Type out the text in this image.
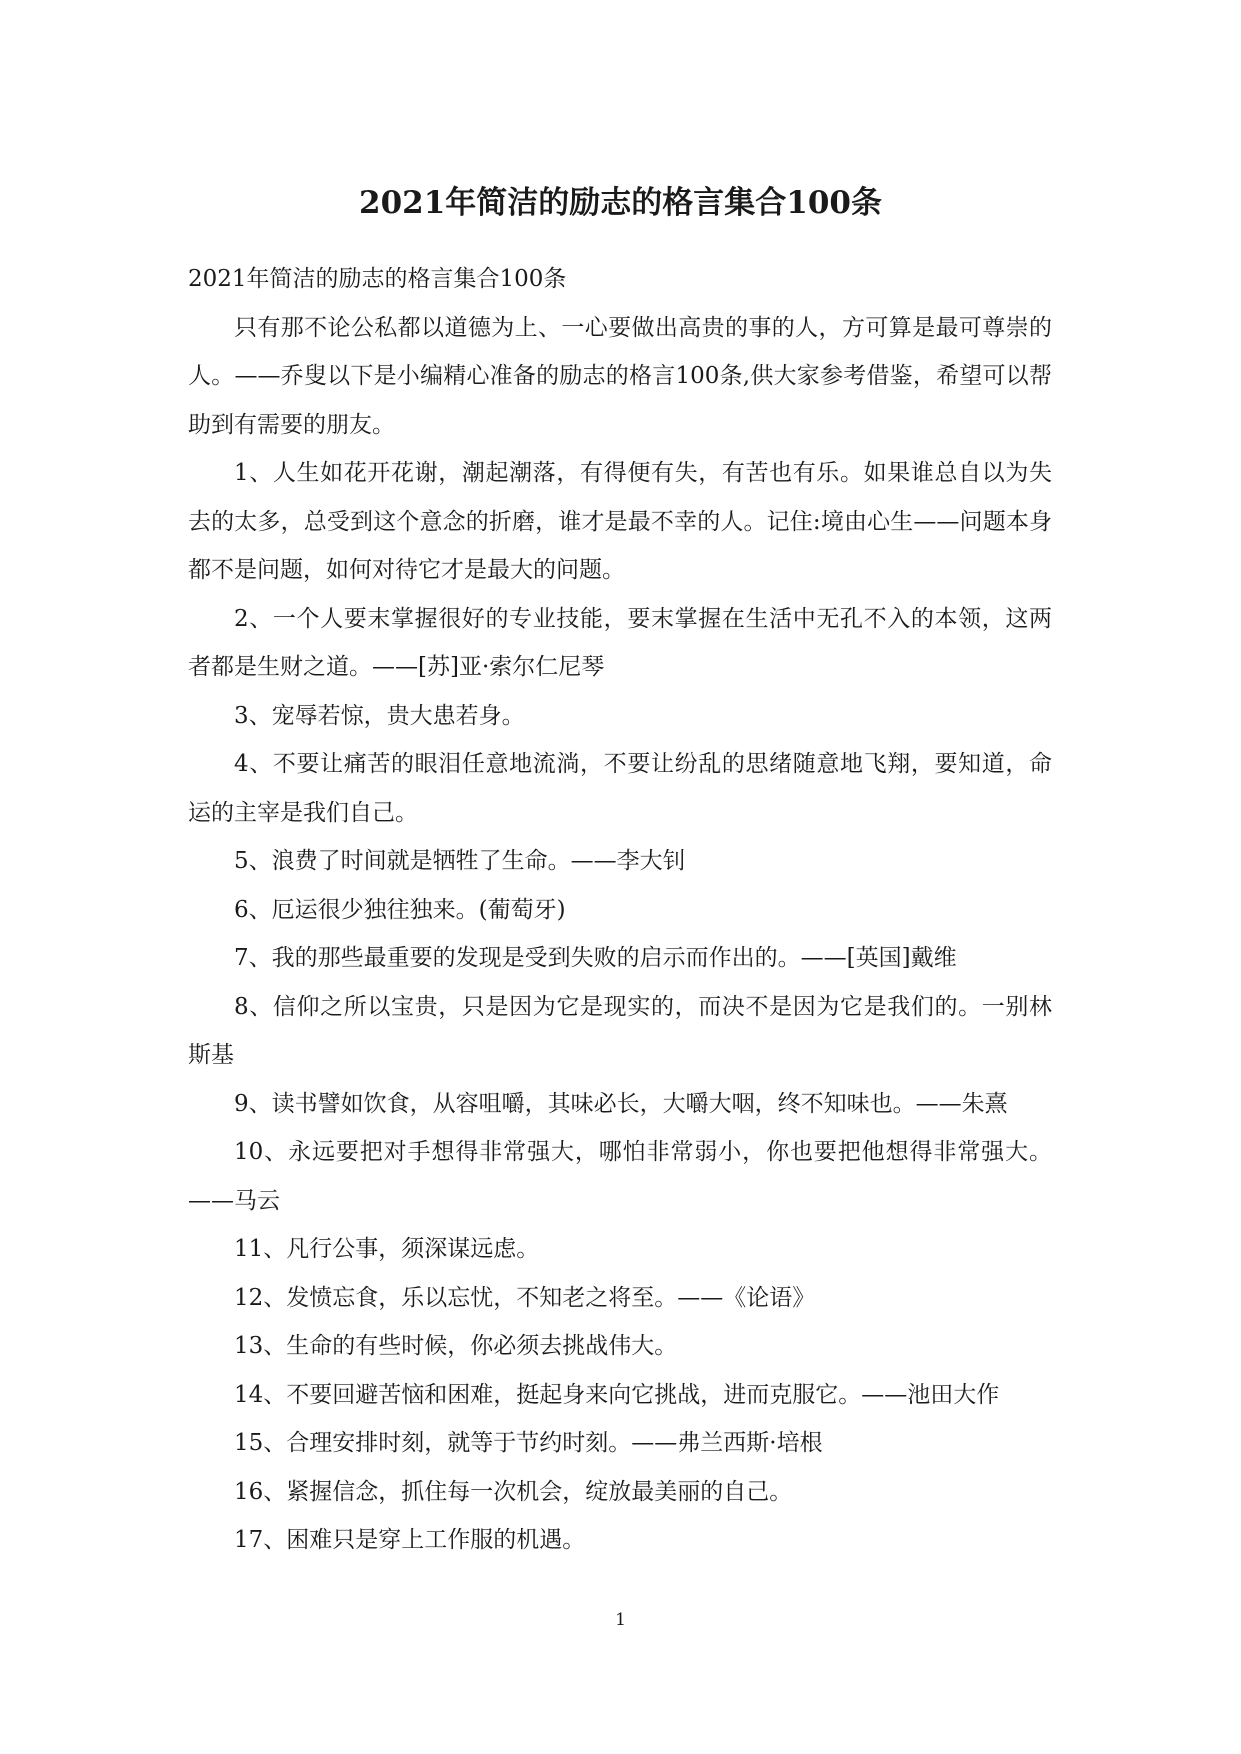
2021年简洁的励志的格言集合100条

2021年简洁的励志的格言集合100条

只有那不论公私都以道德为上、一心要做出高贵的事的人，方可算是最可尊崇的人。——乔叟以下是小编精心准备的励志的格言100条,供大家参考借鉴，希望可以帮助到有需要的朋友。

1、人生如花开花谢，潮起潮落，有得便有失，有苦也有乐。如果谁总自以为失去的太多，总受到这个意念的折磨，谁才是最不幸的人。记住:境由心生——问题本身都不是问题，如何对待它才是最大的问题。

2、一个人要末掌握很好的专业技能，要末掌握在生活中无孔不入的本领，这两者都是生财之道。——[苏]亚·索尔仁尼琴

3、宠辱若惊，贵大患若身。

4、不要让痛苦的眼泪任意地流淌，不要让纷乱的思绪随意地飞翔，要知道，命运的主宰是我们自己。

5、浪费了时间就是牺牲了生命。——李大钊

6、厄运很少独往独来。(葡萄牙)

7、我的那些最重要的发现是受到失败的启示而作出的。——[英国]戴维

8、信仰之所以宝贵，只是因为它是现实的，而决不是因为它是我们的。一别林斯基

9、读书譬如饮食，从容咀嚼，其味必长，大嚼大咽，终不知味也。——朱熹

10、永远要把对手想得非常强大，哪怕非常弱小，你也要把他想得非常强大。——马云

11、凡行公事，须深谋远虑。

12、发愤忘食，乐以忘忧，不知老之将至。——《论语》

13、生命的有些时候，你必须去挑战伟大。

14、不要回避苦恼和困难，挺起身来向它挑战，进而克服它。——池田大作

15、合理安排时刻，就等于节约时刻。——弗兰西斯·培根

16、紧握信念，抓住每一次机会，绽放最美丽的自己。

17、困难只是穿上工作服的机遇。

1
